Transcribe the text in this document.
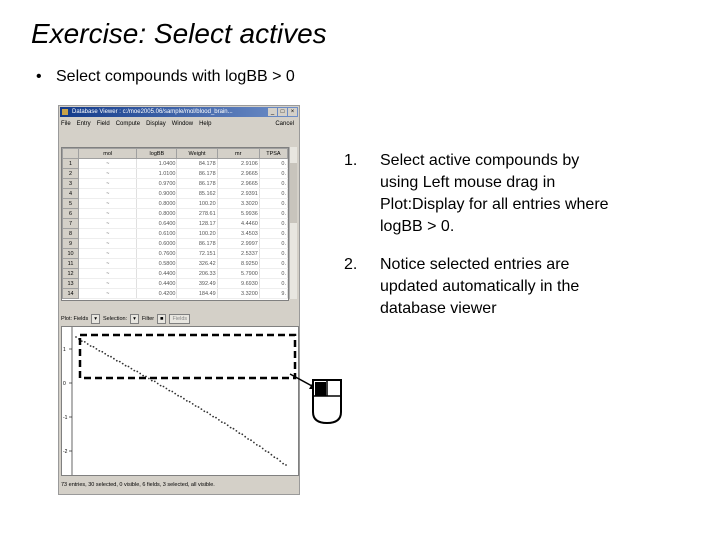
Exercise: Select actives
• Select compounds with logBB > 0
Database Viewer : c:/moe2005.06/sample/mol/blood_brain...	_	□	×
File Entry Field Compute Display Window Help	Cancel
	mol	logBB	Weight	mr	TPSA
1	~	1.0400	84.178	2.9106	0.
2	~	1.0100	86.178	2.9665	0.
3	~	0.9700	86.178	2.9665	0.
4	~	0.9000	85.162	2.9391	0.
5	~	0.8000	100.20	3.3020	0.
6	~	0.8000	278.61	5.9936	0.
7	~	0.6400	128.17	4.4460	0.
8	~	0.6100	100.20	3.4503	0.
9	~	0.6000	86.178	2.9997	0.
10	~	0.7600	72.151	2.5337	0.
11	~	0.5800	326.42	8.9250	0.
12	~	0.4400	206.33	5.7900	0.
13	~	0.4400	392.49	9.6930	0.
14	~	0.4200	184.49	3.3200	9.
Plot: Fields	▾	Selection:	▾	Filter	■	Fields
1
0
-1
-2
73 entries, 30 selected, 0 visible, 6 fields, 3 selected, all visible.
1. Select active compounds by using Left mouse drag in Plot:Display for all entries where logBB > 0.
2. Notice selected entries are updated automatically in the database viewer
